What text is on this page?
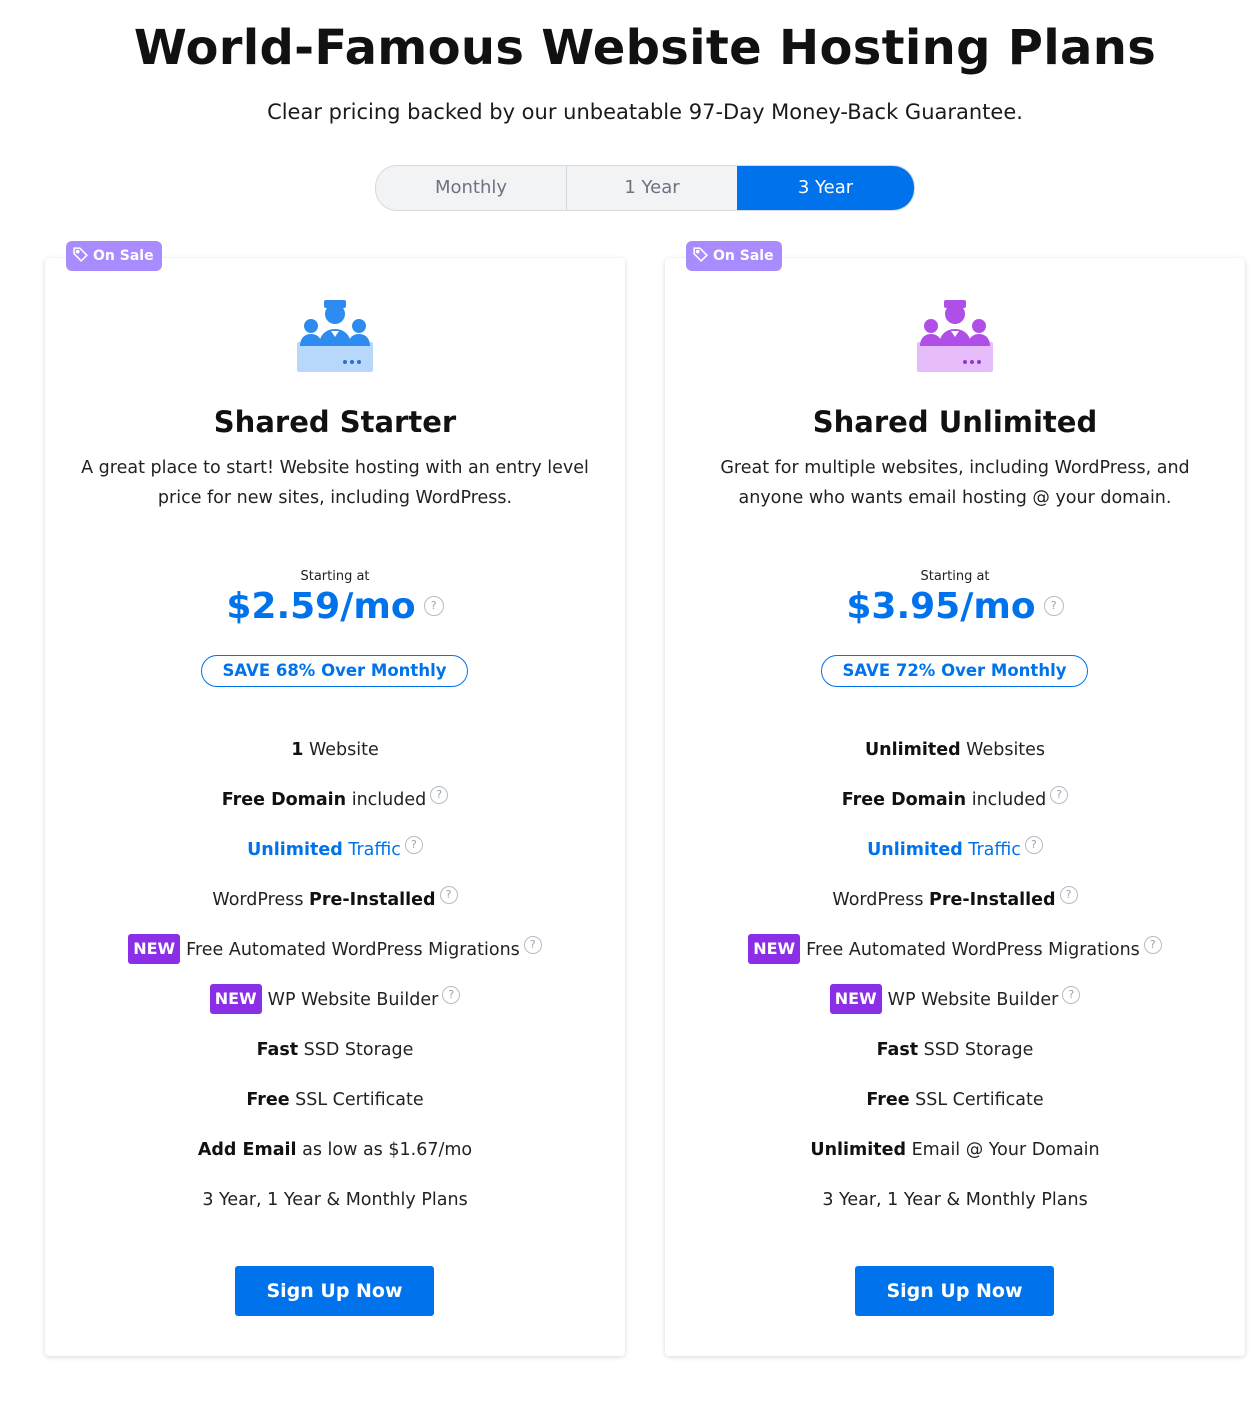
World-Famous Website Hosting Plans
Clear pricing backed by our unbeatable 97-Day Money-Back Guarantee.
Monthly	1 Year	3 Year
On Sale
Shared Starter
A great place to start! Website hosting with an entry level price for new sites, including WordPress.
Starting at
$2.59/mo ?
SAVE 68% Over Monthly
1 Website
Free Domain included ?
Unlimited Traffic ?
WordPress Pre-Installed ?
NEW Free Automated WordPress Migrations ?
NEW WP Website Builder ?
Fast SSD Storage
Free SSL Certificate
Add Email as low as $1.67/mo
3 Year, 1 Year & Monthly Plans
Sign Up Now
On Sale
Shared Unlimited
Great for multiple websites, including WordPress, and anyone who wants email hosting @ your domain.
Starting at
$3.95/mo ?
SAVE 72% Over Monthly
Unlimited Websites
Free Domain included ?
Unlimited Traffic ?
WordPress Pre-Installed ?
NEW Free Automated WordPress Migrations ?
NEW WP Website Builder ?
Fast SSD Storage
Free SSL Certificate
Unlimited Email @ Your Domain
3 Year, 1 Year & Monthly Plans
Sign Up Now
